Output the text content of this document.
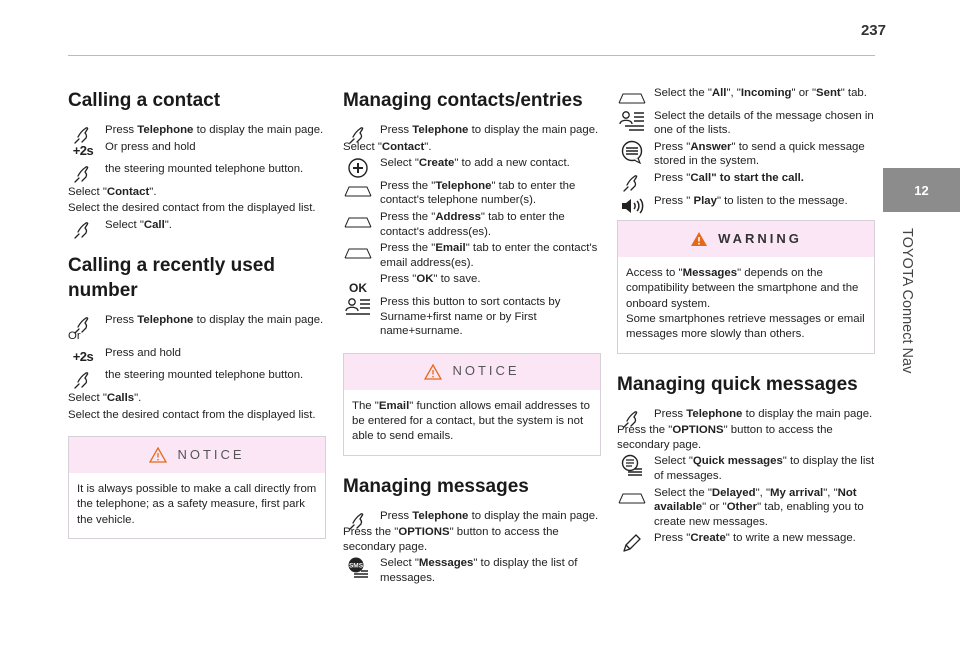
237
12
TOYOTA Connect Nav
Calling a contact
Press Telephone to display the main page.
+2s Or press and hold
the steering mounted telephone button.
Select "Contact".
Select the desired contact from the displayed list.
Select "Call".
Calling a recently used number
Press Telephone to display the main page.
Or
+2s Press and hold
the steering mounted telephone button.
Select "Calls".
Select the desired contact from the displayed list.
NOTICE
It is always possible to make a call directly from the telephone; as a safety measure, first park the vehicle.
Managing contacts/entries
Press Telephone to display the main page.
Select "Contact".
Select "Create" to add a new contact.
Press the "Telephone" tab to enter the contact's telephone number(s).
Press the "Address" tab to enter the contact's address(es).
Press the "Email" tab to enter the contact's email address(es).
OK
Press "OK" to save.
Press this button to sort contacts by Surname+first name or by First name+surname.
NOTICE
The "Email" function allows email addresses to be entered for a contact, but the system is not able to send emails.
Managing messages
Press Telephone to display the main page.
Press the "OPTIONS" button to access the secondary page.
SMS Select "Messages" to display the list of messages.
Select the "All", "Incoming" or "Sent" tab.
Select the details of the message chosen in one of the lists.
Press "Answer" to send a quick message stored in the system.
Press "Call" to start the call.
Press " Play" to listen to the message.
WARNING
Access to "Messages" depends on the compatibility between the smartphone and the onboard system.
Some smartphones retrieve messages or email messages more slowly than others.
Managing quick messages
Press Telephone to display the main page.
Press the "OPTIONS" button to access the secondary page.
Select "Quick messages" to display the list of messages.
Select the "Delayed", "My arrival", "Not available" or "Other" tab, enabling you to create new messages.
Press "Create" to write a new message.
